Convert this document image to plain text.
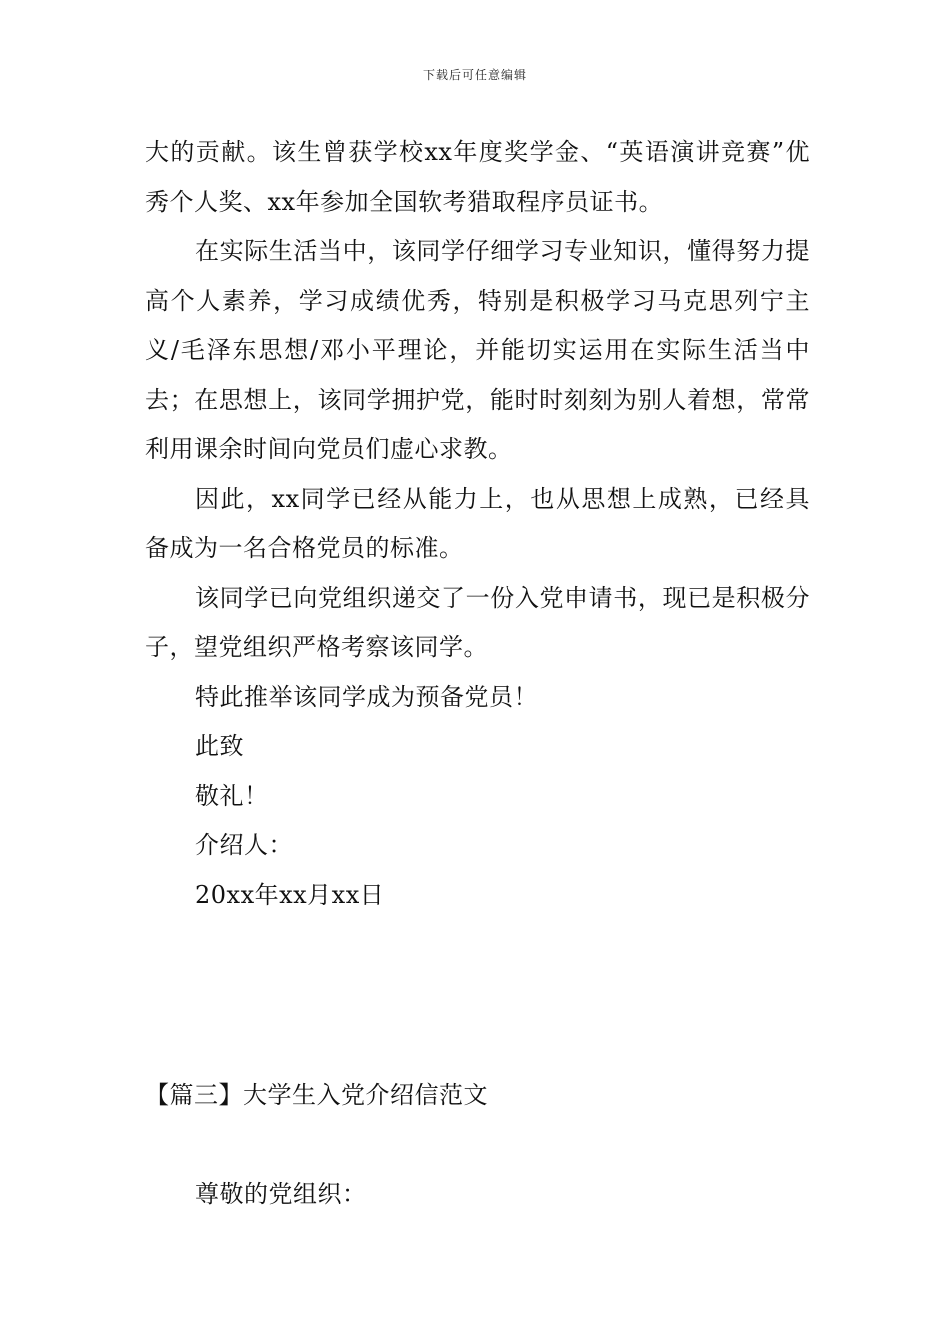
下载后可任意编辑

大的贡献。该生曾获学校xx年度奖学金、“英语演讲竞赛”优秀个人奖、xx年参加全国软考猎取程序员证书。

在实际生活当中，该同学仔细学习专业知识，懂得努力提高个人素养，学习成绩优秀，特别是积极学习马克思列宁主义/毛泽东思想/邓小平理论，并能切实运用在实际生活当中去；在思想上，该同学拥护党，能时时刻刻为别人着想，常常利用课余时间向党员们虚心求教。

因此，xx同学已经从能力上，也从思想上成熟，已经具备成为一名合格党员的标准。

该同学已向党组织递交了一份入党申请书，现已是积极分子，望党组织严格考察该同学。

特此推举该同学成为预备党员！

此致

敬礼！

介绍人：

20xx年xx月xx日

【篇三】大学生入党介绍信范文
尊敬的党组织：
